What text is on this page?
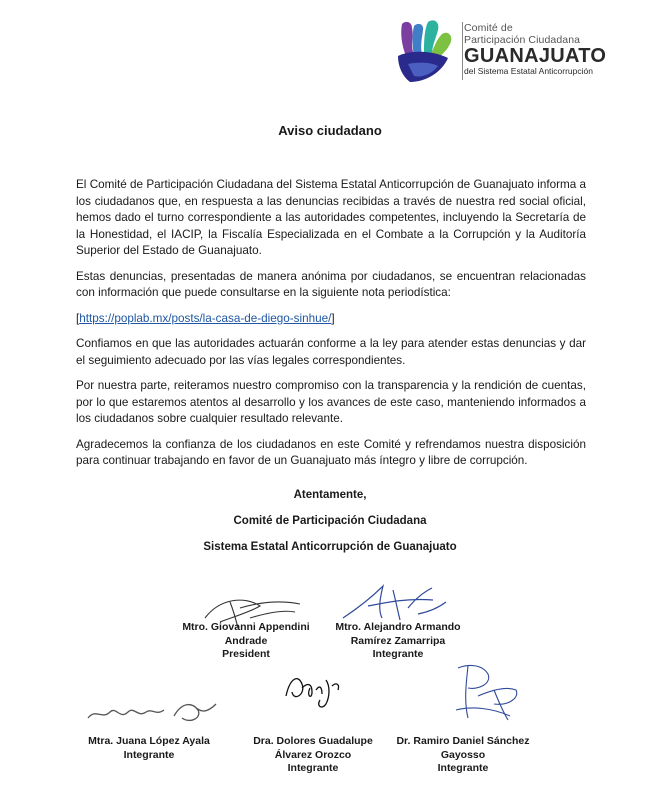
Comité de
Participación Ciudadana
GUANAJUATO
del Sistema Estatal Anticorrupción
Aviso ciudadano

El Comité de Participación Ciudadana del Sistema Estatal Anticorrupción de Guanajuato informa a los ciudadanos que, en respuesta a las denuncias recibidas a través de nuestra red social oficial, hemos dado el turno correspondiente a las autoridades competentes, incluyendo la Secretaría de la Honestidad, el IACIP, la Fiscalía Especializada en el Combate a la Corrupción y la Auditoría Superior del Estado de Guanajuato.

Estas denuncias, presentadas de manera anónima por ciudadanos, se encuentran relacionadas con información que puede consultarse en la siguiente nota periodística:

[https://poplab.mx/posts/la-casa-de-diego-sinhue/]

Confiamos en que las autoridades actuarán conforme a la ley para atender estas denuncias y dar el seguimiento adecuado por las vías legales correspondientes.

Por nuestra parte, reiteramos nuestro compromiso con la transparencia y la rendición de cuentas, por lo que estaremos atentos al desarrollo y los avances de este caso, manteniendo informados a los ciudadanos sobre cualquier resultado relevante.

Agradecemos la confianza de los ciudadanos en este Comité y refrendamos nuestra disposición para continuar trabajando en favor de un Guanajuato más íntegro y libre de corrupción.

Atentamente,
Comité de Participación Ciudadana
Sistema Estatal Anticorrupción de Guanajuato
Mtro. Giovanni Appendini
Andrade
President
Mtro. Alejandro Armando
Ramírez Zamarripa
Integrante
Mtra. Juana López Ayala
Integrante
Dra. Dolores Guadalupe
Álvarez Orozco
Integrante
Dr. Ramiro Daniel Sánchez
Gayosso
Integrante
